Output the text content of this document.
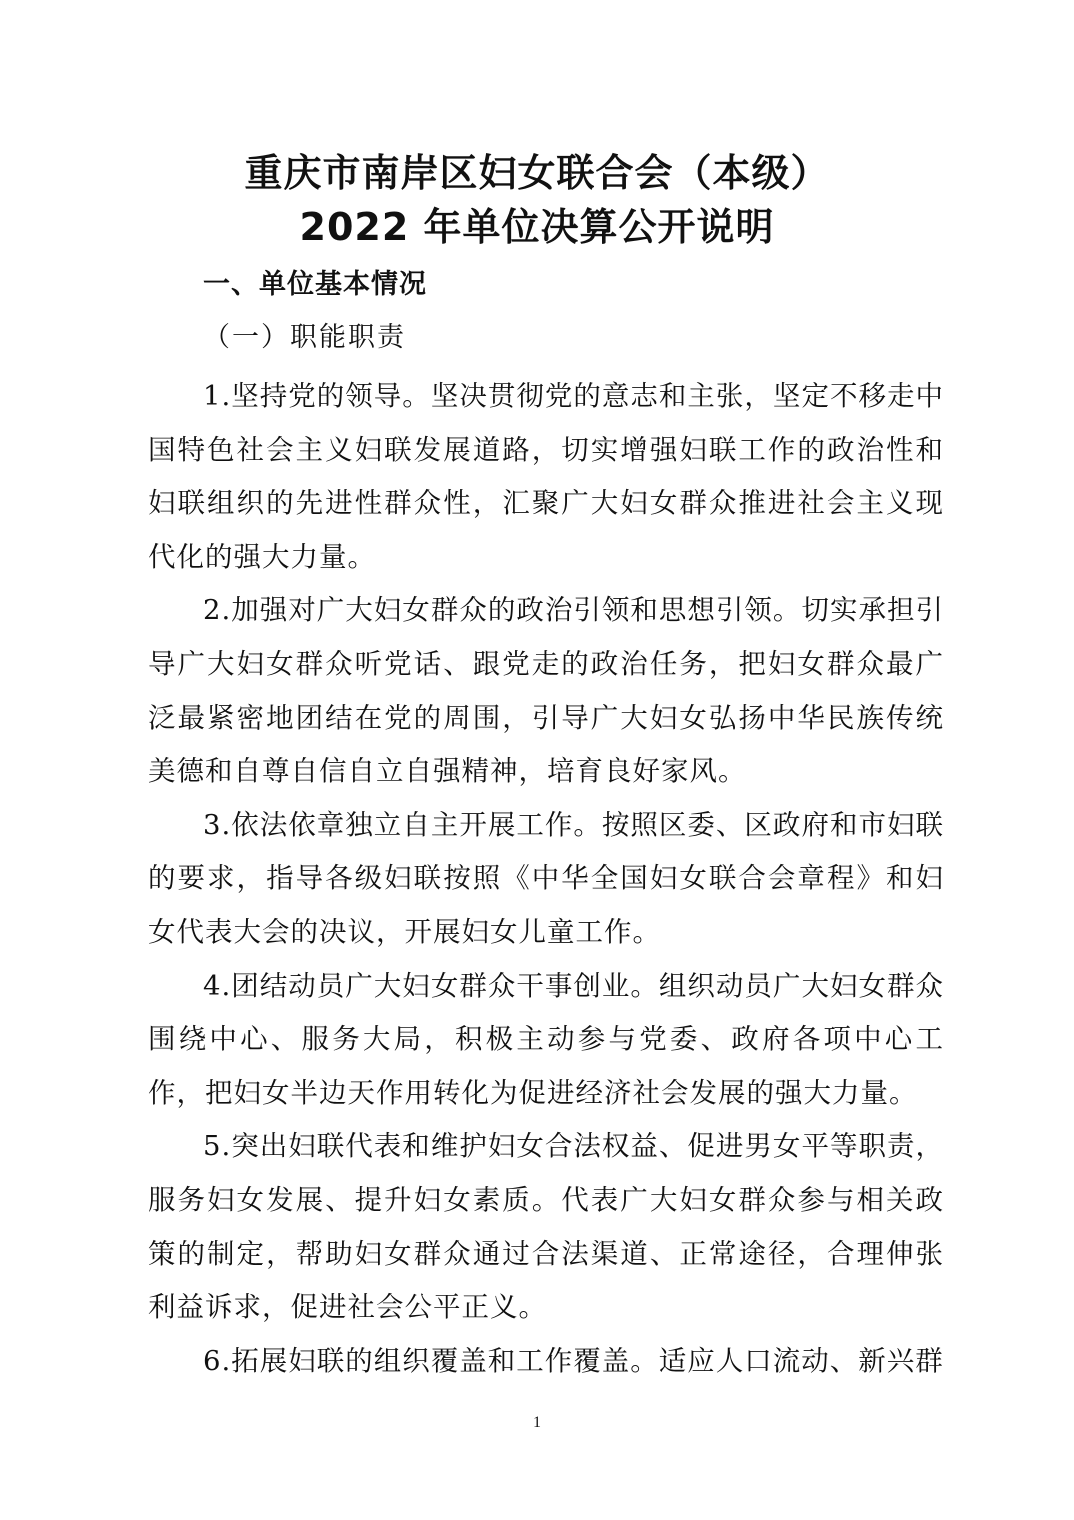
重庆市南岸区妇女联合会（本级）
2022 年单位决算公开说明
一、单位基本情况
（一）职能职责

1.坚持党的领导。坚决贯彻党的意志和主张，坚定不移走中国特色社会主义妇联发展道路，切实增强妇联工作的政治性和妇联组织的先进性群众性，汇聚广大妇女群众推进社会主义现代化的强大力量。

2.加强对广大妇女群众的政治引领和思想引领。切实承担引导广大妇女群众听党话、跟党走的政治任务，把妇女群众最广泛最紧密地团结在党的周围，引导广大妇女弘扬中华民族传统美德和自尊自信自立自强精神，培育良好家风。

3.依法依章独立自主开展工作。按照区委、区政府和市妇联的要求，指导各级妇联按照《中华全国妇女联合会章程》和妇女代表大会的决议，开展妇女儿童工作。

4.团结动员广大妇女群众干事创业。组织动员广大妇女群众围绕中心、服务大局，积极主动参与党委、政府各项中心工作，把妇女半边天作用转化为促进经济社会发展的强大力量。

5.突出妇联代表和维护妇女合法权益、促进男女平等职责，服务妇女发展、提升妇女素质。代表广大妇女群众参与相关政策的制定，帮助妇女群众通过合法渠道、正常途径，合理伸张利益诉求，促进社会公平正义。

6.拓展妇联的组织覆盖和工作覆盖。适应人口流动、新兴群

1
